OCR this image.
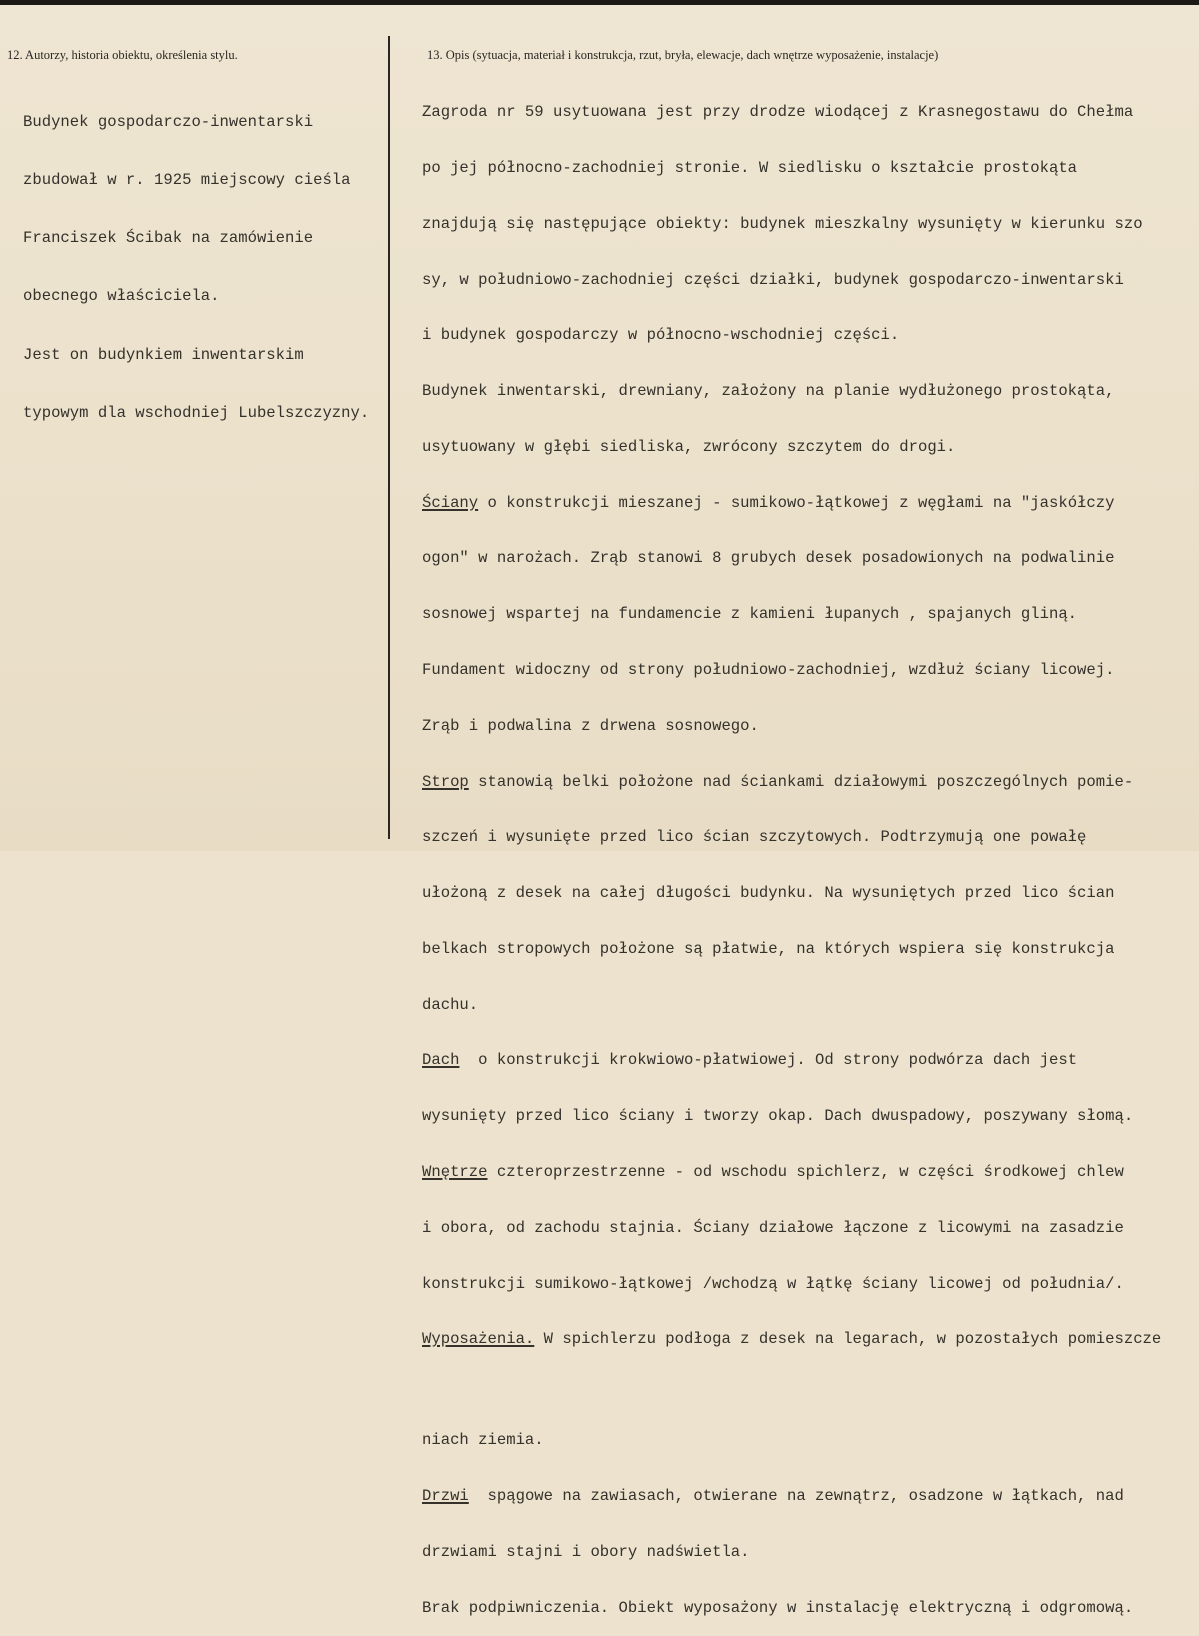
12. Autorzy, historia obiektu, określenia stylu.	13. Opis (sytuacja, materiał i konstrukcja, rzut, bryła, elewacje, dach wnętrze wyposażenie, instalacje)

Budynek gospodarczo-inwentarski

zbudował w r. 1925 miejscowy cieśla

Franciszek Ścibak na zamówienie

obecnego właściciela.

Jest on budynkiem inwentarskim

typowym dla wschodniej Lubelszczyzny.

Zagroda nr 59 usytuowana jest przy drodze wiodącej z Krasnegostawu do Chełma

po jej północno-zachodniej stronie. W siedlisku o kształcie prostokąta

znajdują się następujące obiekty: budynek mieszkalny wysunięty w kierunku szo

sy, w południowo-zachodniej części działki, budynek gospodarczo-inwentarski

i budynek gospodarczy w północno-wschodniej części.

Budynek inwentarski, drewniany, założony na planie wydłużonego prostokąta,

usytuowany w głębi siedliska, zwrócony szczytem do drogi.

Ściany o konstrukcji mieszanej - sumikowo-łątkowej z węgłami na "jaskółczy

ogon" w narożach. Zrąb stanowi 8 grubych desek posadowionych na podwalinie

sosnowej wspartej na fundamencie z kamieni łupanych , spajanych gliną.

Fundament widoczny od strony południowo-zachodniej, wzdłuż ściany licowej.

Zrąb i podwalina z drwena sosnowego.

Strop stanowią belki położone nad ściankami działowymi poszczególnych pomie-

szczeń i wysunięte przed lico ścian szczytowych. Podtrzymują one powałę

ułożoną z desek na całej długości budynku. Na wysuniętych przed lico ścian

belkach stropowych położone są płatwie, na których wspiera się konstrukcja

dachu.

Dach  o konstrukcji krokwiowo-płatwiowej. Od strony podwórza dach jest

wysunięty przed lico ściany i tworzy okap. Dach dwuspadowy, poszywany słomą.

Wnętrze czteroprzestrzenne - od wschodu spichlerz, w części środkowej chlew

i obora, od zachodu stajnia. Ściany działowe łączone z licowymi na zasadzie

konstrukcji sumikowo-łątkowej /wchodzą w łątkę ściany licowej od południa/.

Wyposażenia. W spichlerzu podłoga z desek na legarach, w pozostałych pomieszcze

niach ziemia.

Drzwi  spągowe na zawiasach, otwierane na zewnątrz, osadzone w łątkach, nad

drzwiami stajni i obory nadświetla.

Brak podpiwniczenia. Obiekt wyposażony w instalację elektryczną i odgromową.
